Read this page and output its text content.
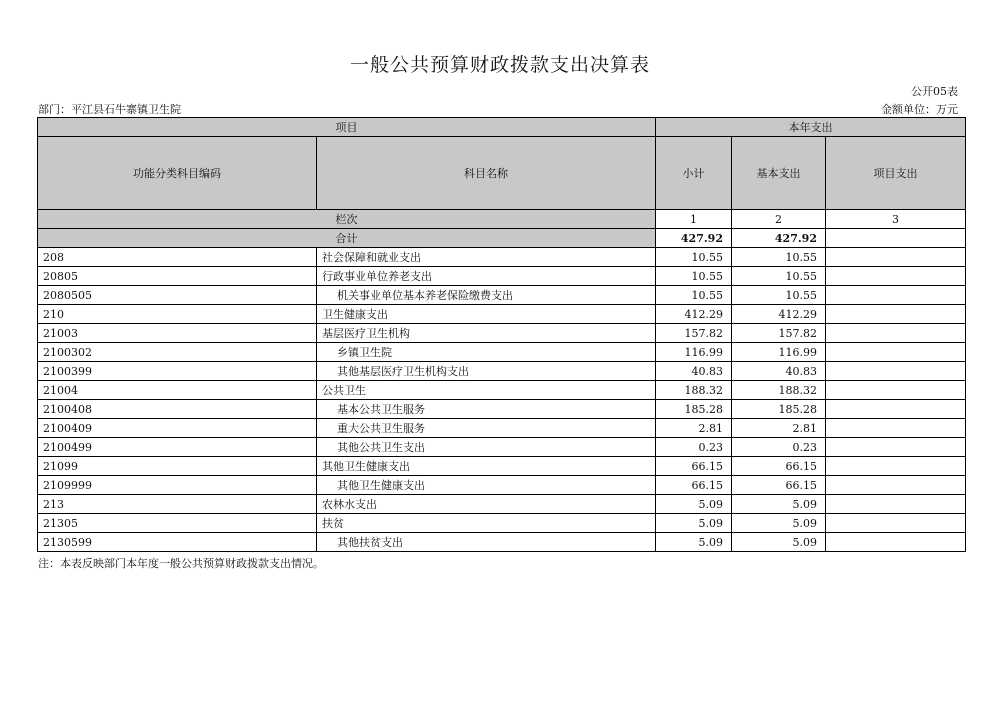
一般公共预算财政拨款支出决算表
公开05表
部门：平江县石牛寨镇卫生院	金额单位：万元
项目		本年支出		
功能分类科目编码	科目名称	小计	基本支出	项目支出
栏次		1	2	3
合计		427.92	427.92	
208	社会保障和就业支出	10.55	10.55	
20805	行政事业单位养老支出	10.55	10.55	
2080505	机关事业单位基本养老保险缴费支出	10.55	10.55	
210	卫生健康支出	412.29	412.29	
21003	基层医疗卫生机构	157.82	157.82	
2100302	乡镇卫生院	116.99	116.99	
2100399	其他基层医疗卫生机构支出	40.83	40.83	
21004	公共卫生	188.32	188.32	
2100408	基本公共卫生服务	185.28	185.28	
2100409	重大公共卫生服务	2.81	2.81	
2100499	其他公共卫生支出	0.23	0.23	
21099	其他卫生健康支出	66.15	66.15	
2109999	其他卫生健康支出	66.15	66.15	
213	农林水支出	5.09	5.09	
21305	扶贫	5.09	5.09	
2130599	其他扶贫支出	5.09	5.09	
注：本表反映部门本年度一般公共预算财政拨款支出情况。
